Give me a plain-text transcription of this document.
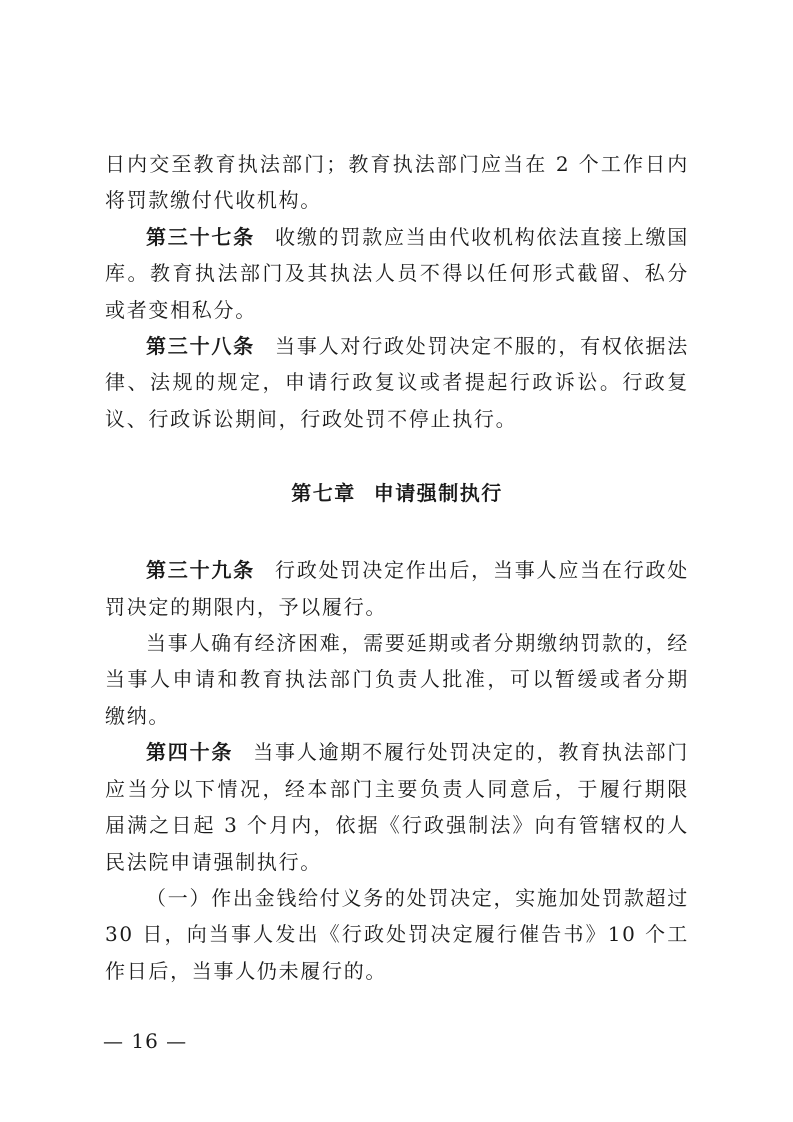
日内交至教育执法部门；教育执法部门应当在 2 个工作日内将罚款缴付代收机构。

第三十七条 收缴的罚款应当由代收机构依法直接上缴国库。教育执法部门及其执法人员不得以任何形式截留、私分或者变相私分。

第三十八条 当事人对行政处罚决定不服的，有权依据法律、法规的规定，申请行政复议或者提起行政诉讼。行政复议、行政诉讼期间，行政处罚不停止执行。

第七章 申请强制执行

第三十九条 行政处罚决定作出后，当事人应当在行政处罚决定的期限内，予以履行。

当事人确有经济困难，需要延期或者分期缴纳罚款的，经当事人申请和教育执法部门负责人批准，可以暂缓或者分期缴纳。

第四十条 当事人逾期不履行处罚决定的，教育执法部门应当分以下情况，经本部门主要负责人同意后，于履行期限届满之日起 3 个月内，依据《行政强制法》向有管辖权的人民法院申请强制执行。

（一）作出金钱给付义务的处罚决定，实施加处罚款超过 30 日，向当事人发出《行政处罚决定履行催告书》10 个工作日后，当事人仍未履行的。

— 16 —
